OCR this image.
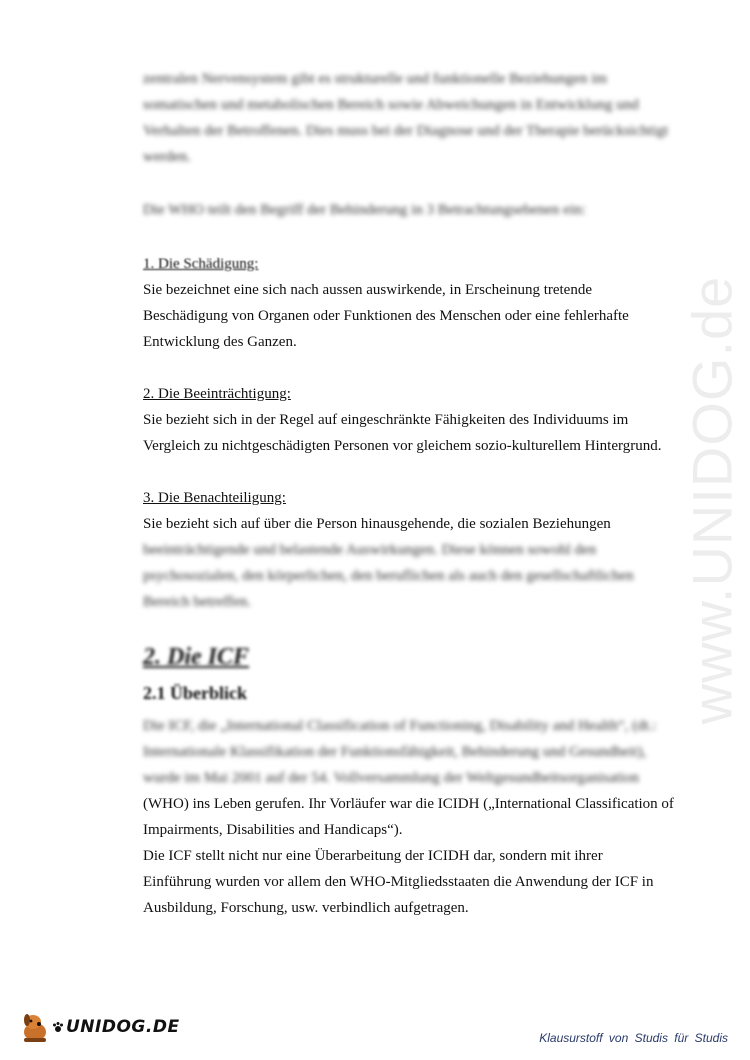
www.UNIDOG.de
zentralen Nervensystem gibt es strukturelle und funktionelle Beziehungen im
somatischen und metabolischen Bereich sowie Abweichungen in Entwicklung und
Verhalten der Betroffenen. Dies muss bei der Diagnose und der Therapie berücksichtigt
werden.
Die WHO teilt den Begriff der Behinderung in 3 Betrachtungsebenen ein:
1. Die Schädigung:
Sie bezeichnet eine sich nach aussen auswirkende, in Erscheinung tretende
Beschädigung von Organen oder Funktionen des Menschen oder eine fehlerhafte
Entwicklung des Ganzen.
2. Die Beeinträchtigung:
Sie bezieht sich in der Regel auf eingeschränkte Fähigkeiten des Individuums im
Vergleich zu nichtgeschädigten Personen vor gleichem sozio-kulturellem Hintergrund.
3. Die Benachteiligung:
Sie bezieht sich auf über die Person hinausgehende, die sozialen Beziehungen
beeinträchtigende und belastende Auswirkungen. Diese können sowohl den
psychosozialen, den körperlichen, den beruflichen als auch den gesellschaftlichen
Bereich betreffen.
2. Die ICF
2.1 Überblick
Die ICF, die „International Classification of Functioning, Disability and Health“, (dt.:
Internationale Klassifikation der Funktionsfähigkeit, Behinderung und Gesundheit),
wurde im Mai 2001 auf der 54. Vollversammlung der Weltgesundheitsorganisation
(WHO) ins Leben gerufen. Ihr Vorläufer war die ICIDH („International Classification of
Impairments, Disabilities and Handicaps“).
Die ICF stellt nicht nur eine Überarbeitung der ICIDH dar, sondern mit ihrer
Einführung wurden vor allem den WHO-Mitgliedsstaaten die Anwendung der ICF in
Ausbildung, Forschung, usw. verbindlich aufgetragen.
UNIDOG.DE
Klausurstoff von Studis für Studis
